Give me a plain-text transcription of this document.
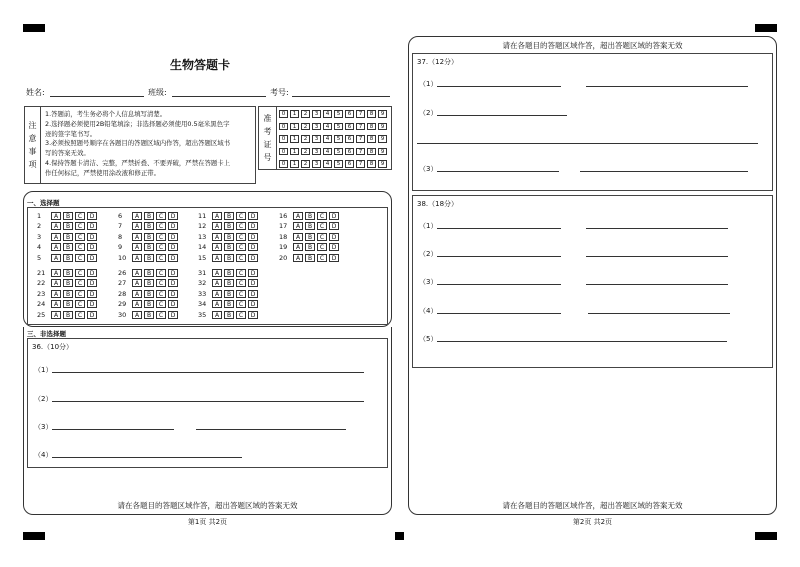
生物答题卡
姓名:	班级:	考号:
注
意
事
项
1.答题前，考生务必将个人信息填写清楚。
2.选择题必须使用2B铅笔填涂；非选择题必须使用0.5毫米黑色字
迹的签字笔书写。
3.必须按照题号顺序在各题目的答题区域内作答，超出答题区域书
写的答案无效。
4.保持答题卡清洁、完整，严禁折叠、不要弄破，严禁在答题卡上
作任何标记，严禁使用涂改液和修正带。
准
考
证
号
0	1	2	3	4	5	6	7	8	9
0	1	2	3	4	5	6	7	8	9
0	1	2	3	4	5	6	7	8	9
0	1	2	3	4	5	6	7	8	9
0	1	2	3	4	5	6	7	8	9
一、选择题
1	A	B	C	D
2	A	B	C	D
3	A	B	C	D
4	A	B	C	D
5	A	B	C	D
6	A	B	C	D
7	A	B	C	D
8	A	B	C	D
9	A	B	C	D
10	A	B	C	D
11	A	B	C	D
12	A	B	C	D
13	A	B	C	D
14	A	B	C	D
15	A	B	C	D
16	A	B	C	D
17	A	B	C	D
18	A	B	C	D
19	A	B	C	D
20	A	B	C	D
21	A	B	C	D
22	A	B	C	D
23	A	B	C	D
24	A	B	C	D
25	A	B	C	D
26	A	B	C	D
27	A	B	C	D
28	A	B	C	D
29	A	B	C	D
30	A	B	C	D
31	A	B	C	D
32	A	B	C	D
33	A	B	C	D
34	A	B	C	D
35	A	B	C	D
三、非选择题
36.（10分）
（1）
（2）
（3）
（4）
请在各题目的答题区域作答，超出答题区域的答案无效
第1页 共2页
请在各题目的答题区域作答，超出答题区域的答案无效
37.（12分）
（1）
（2）
（3）
38.（18分）
（1）
（2）
（3）
（4）
（5）
请在各题目的答题区域作答，超出答题区域的答案无效
第2页 共2页
